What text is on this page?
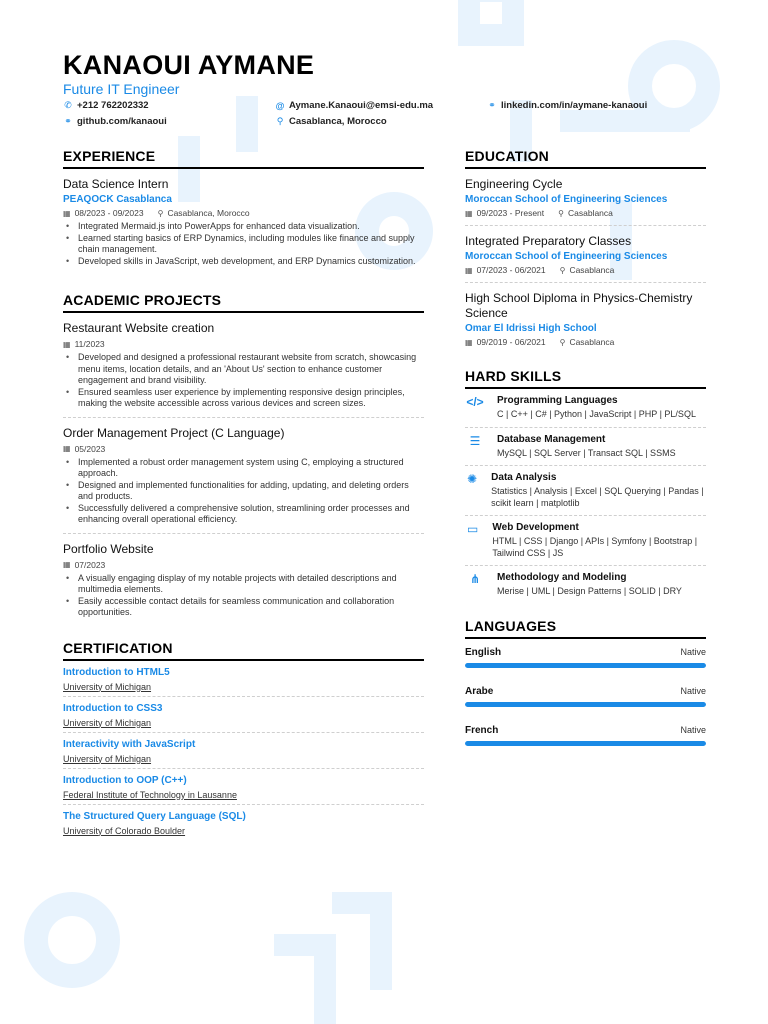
KANAOUI AYMANE
Future IT Engineer
✆ +212 762202332	@ Aymane.Kanaoui@emsi-edu.ma	⚭ linkedin.com/in/aymane-kanaoui
⚭ github.com/kanaoui	⚲ Casablanca, Morocco
EXPERIENCE
Data Science Intern
PEAQOCK Casablanca
▦ 08/2023 - 09/2023 ⚲ Casablanca, Morocco
• Integrated Mermaid.js into PowerApps for enhanced data visualization.
• Learned starting basics of ERP Dynamics, including modules like finance and supply chain management.
• Developed skills in JavaScript, web development, and ERP Dynamics customization.
ACADEMIC PROJECTS
Restaurant Website creation
▦ 11/2023
• Developed and designed a professional restaurant website from scratch, showcasing menu items, location details, and an 'About Us' section to enhance customer engagement and brand visibility.
• Ensured seamless user experience by implementing responsive design principles, making the website accessible across various devices and screen sizes.
Order Management Project (C Language)
▦ 05/2023
• Implemented a robust order management system using C, employing a structured approach.
• Designed and implemented functionalities for adding, updating, and deleting orders and products.
• Successfully delivered a comprehensive solution, streamlining order processes and enhancing overall operational efficiency.
Portfolio Website
▦ 07/2023
• A visually engaging display of my notable projects with detailed descriptions and multimedia elements.
• Easily accessible contact details for seamless communication and collaboration opportunities.
CERTIFICATION
Introduction to HTML5
University of Michigan
Introduction to CSS3
University of Michigan
Interactivity with JavaScript
University of Michigan
Introduction to OOP (C++)
Federal Institute of Technology in Lausanne
The Structured Query Language (SQL)
University of Colorado Boulder
EDUCATION
Engineering Cycle
Moroccan School of Engineering Sciences
▦ 09/2023 - Present ⚲ Casablanca
Integrated Preparatory Classes
Moroccan School of Engineering Sciences
▦ 07/2023 - 06/2021 ⚲ Casablanca
High School Diploma in Physics-Chemistry Science
Omar El Idrissi High School
▦ 09/2019 - 06/2021 ⚲ Casablanca
HARD SKILLS
</> Programming Languages
C | C++ | C# | Python | JavaScript | PHP | PL/SQL
☰	Database Management
MySQL | SQL Server | Transact SQL | SSMS
✺ Data Analysis
Statistics | Analysis | Excel | SQL Querying | Pandas | scikit learn | matplotlib
▭ Web Development
HTML | CSS | Django | APIs | Symfony | Bootstrap | Tailwind CSS | JS
⋔	Methodology and Modeling
Merise | UML | Design Patterns | SOLID | DRY
LANGUAGES
English	Native
Arabe	Native
French	Native
